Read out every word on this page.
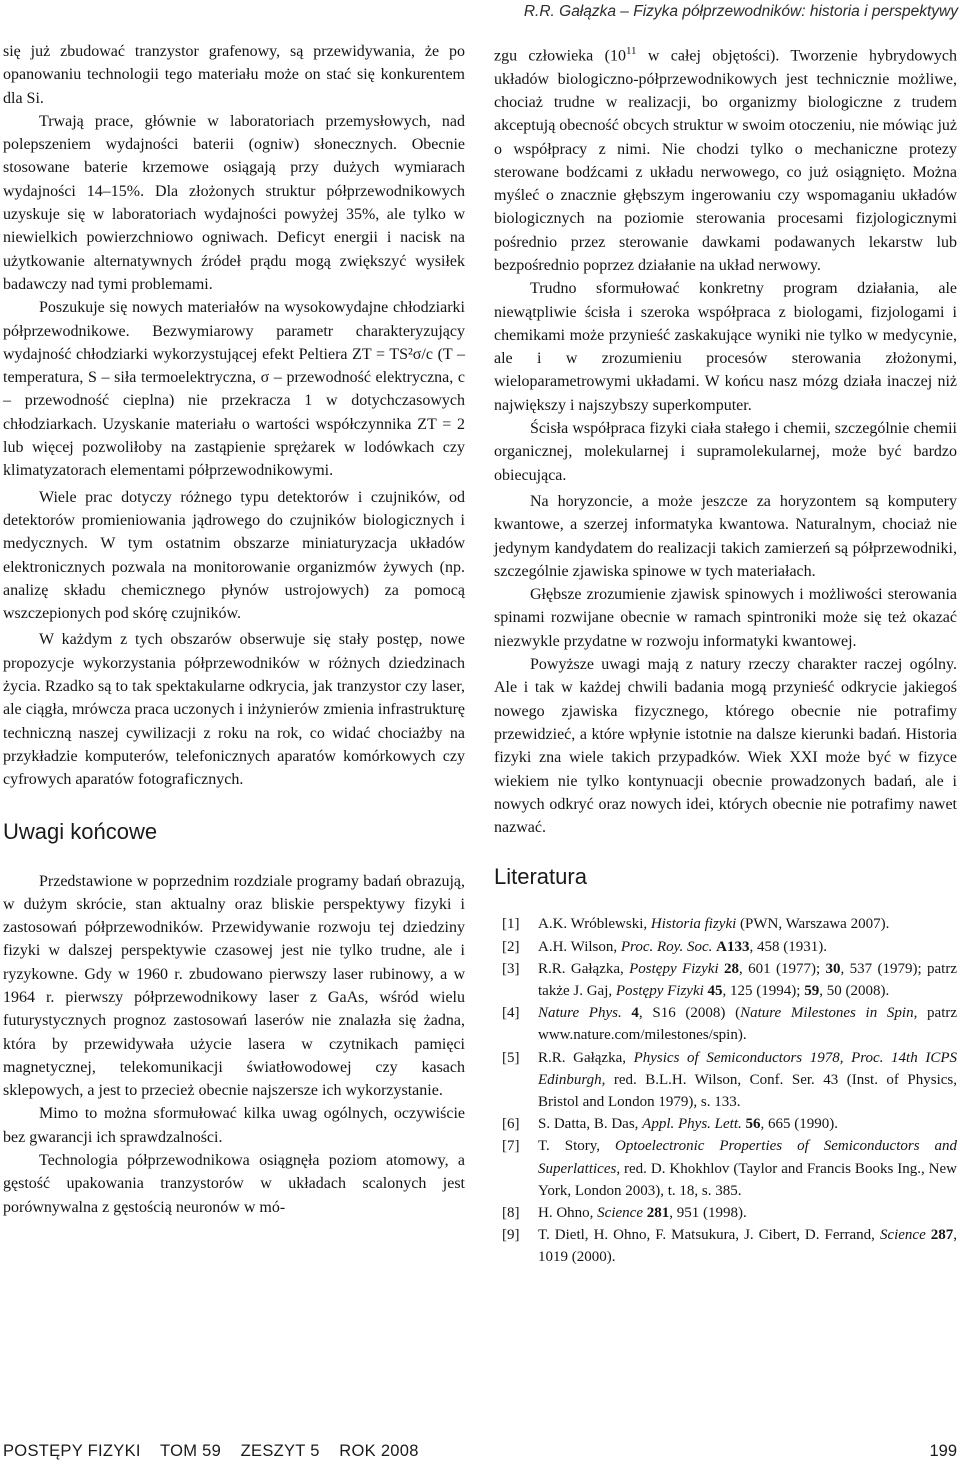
R.R. Gałązka – Fizyka półprzewodników: historia i perspektywy

się już zbudować tranzystor grafenowy, są przewidywania, że po opanowaniu technologii tego materiału może on stać się konkurentem dla Si.

Trwają prace, głównie w laboratoriach przemysłowych, nad polepszeniem wydajności baterii (ogniw) słonecznych. Obecnie stosowane baterie krzemowe osiągają przy dużych wymiarach wydajności 14–15%. Dla złożonych struktur półprzewodnikowych uzyskuje się w laboratoriach wydajności powyżej 35%, ale tylko w niewielkich powierzchniowo ogniwach. Deficyt energii i nacisk na użytkowanie alternatywnych źródeł prądu mogą zwiększyć wysiłek badawczy nad tymi problemami.

Poszukuje się nowych materiałów na wysokowydajne chłodziarki półprzewodnikowe. Bezwymiarowy parametr charakteryzujący wydajność chłodziarki wykorzystującej efekt Peltiera ZT = TS²σ/c (T – temperatura, S – siła termoelektryczna, σ – przewodność elektryczna, c – przewodność cieplna) nie przekracza 1 w dotychczasowych chłodziarkach. Uzyskanie materiału o wartości współczynnika ZT = 2 lub więcej pozwoliłoby na zastąpienie sprężarek w lodówkach czy klimatyzatorach elementami półprzewodnikowymi.

Wiele prac dotyczy różnego typu detektorów i czujników, od detektorów promieniowania jądrowego do czujników biologicznych i medycznych. W tym ostatnim obszarze miniaturyzacja układów elektronicznych pozwala na monitorowanie organizmów żywych (np. analizę składu chemicznego płynów ustrojowych) za pomocą wszczepionych pod skórę czujników.

W każdym z tych obszarów obserwuje się stały postęp, nowe propozycje wykorzystania półprzewodników w różnych dziedzinach życia. Rzadko są to tak spektakularne odkrycia, jak tranzystor czy laser, ale ciągła, mrówcza praca uczonych i inżynierów zmienia infrastrukturę techniczną naszej cywilizacji z roku na rok, co widać chociażby na przykładzie komputerów, telefonicznych aparatów komórkowych czy cyfrowych aparatów fotograficznych.

Uwagi końcowe

Przedstawione w poprzednim rozdziale programy badań obrazują, w dużym skrócie, stan aktualny oraz bliskie perspektywy fizyki i zastosowań półprzewodników. Przewidywanie rozwoju tej dziedziny fizyki w dalszej perspektywie czasowej jest nie tylko trudne, ale i ryzykowne. Gdy w 1960 r. zbudowano pierwszy laser rubinowy, a w 1964 r. pierwszy półprzewodnikowy laser z GaAs, wśród wielu futurystycznych prognoz zastosowań laserów nie znalazła się żadna, która by przewidywała użycie lasera w czytnikach pamięci magnetycznej, telekomunikacji światłowodowej czy kasach sklepowych, a jest to przecież obecnie najszersze ich wykorzystanie.

Mimo to można sformułować kilka uwag ogólnych, oczywiście bez gwarancji ich sprawdzalności.

Technologia półprzewodnikowa osiągnęła poziom atomowy, a gęstość upakowania tranzystorów w układach scalonych jest porównywalna z gęstością neuronów w mó-

zgu człowieka ($10^{11}$ w całej objętości). Tworzenie hybrydowych układów biologiczno-półprzewodnikowych jest technicznie możliwe, chociaż trudne w realizacji, bo organizmy biologiczne z trudem akceptują obecność obcych struktur w swoim otoczeniu, nie mówiąc już o współpracy z nimi. Nie chodzi tylko o mechaniczne protezy sterowane bodźcami z układu nerwowego, co już osiągnięto. Można myśleć o znacznie głębszym ingerowaniu czy wspomaganiu układów biologicznych na poziomie sterowania procesami fizjologicznymi pośrednio przez sterowanie dawkami podawanych lekarstw lub bezpośrednio poprzez działanie na układ nerwowy.

Trudno sformułować konkretny program działania, ale niewątpliwie ścisła i szeroka współpraca z biologami, fizjologami i chemikami może przynieść zaskakujące wyniki nie tylko w medycynie, ale i w zrozumieniu procesów sterowania złożonymi, wieloparametrowymi układami. W końcu nasz mózg działa inaczej niż największy i najszybszy superkomputer.

Ścisła współpraca fizyki ciała stałego i chemii, szczególnie chemii organicznej, molekularnej i supramolekularnej, może być bardzo obiecująca.

Na horyzoncie, a może jeszcze za horyzontem są komputery kwantowe, a szerzej informatyka kwantowa. Naturalnym, chociaż nie jedynym kandydatem do realizacji takich zamierzeń są półprzewodniki, szczególnie zjawiska spinowe w tych materiałach.

Głębsze zrozumienie zjawisk spinowych i możliwości sterowania spinami rozwijane obecnie w ramach spintroniki może się też okazać niezwykle przydatne w rozwoju informatyki kwantowej.

Powyższe uwagi mają z natury rzeczy charakter raczej ogólny. Ale i tak w każdej chwili badania mogą przynieść odkrycie jakiegoś nowego zjawiska fizycznego, którego obecnie nie potrafimy przewidzieć, a które wpłynie istotnie na dalsze kierunki badań. Historia fizyki zna wiele takich przypadków. Wiek XXI może być w fizyce wiekiem nie tylko kontynuacji obecnie prowadzonych badań, ale i nowych odkryć oraz nowych idei, których obecnie nie potrafimy nawet nazwać.

Literatura
[1] A.K. Wróblewski, Historia fizyki (PWN, Warszawa 2007).
[2] A.H. Wilson, Proc. Roy. Soc. A133, 458 (1931).
[3] R.R. Gałązka, Postępy Fizyki 28, 601 (1977); 30, 537 (1979); patrz także J. Gaj, Postępy Fizyki 45, 125 (1994); 59, 50 (2008).
[4] Nature Phys. 4, S16 (2008) (Nature Milestones in Spin, patrz www.nature.com/milestones/spin).
[5] R.R. Gałązka, Physics of Semiconductors 1978, Proc. 14th ICPS Edinburgh, red. B.L.H. Wilson, Conf. Ser. 43 (Inst. of Physics, Bristol and London 1979), s. 133.
[6] S. Datta, B. Das, Appl. Phys. Lett. 56, 665 (1990).
[7] T. Story, Optoelectronic Properties of Semiconductors and Superlattices, red. D. Khokhlov (Taylor and Francis Books Ing., New York, London 2003), t. 18, s. 385.
[8] H. Ohno, Science 281, 951 (1998).
[9] T. Dietl, H. Ohno, F. Matsukura, J. Cibert, D. Ferrand, Science 287, 1019 (2000).
POSTĘPY FIZYKI    TOM 59    ZESZYT 5    ROK 2008	199
